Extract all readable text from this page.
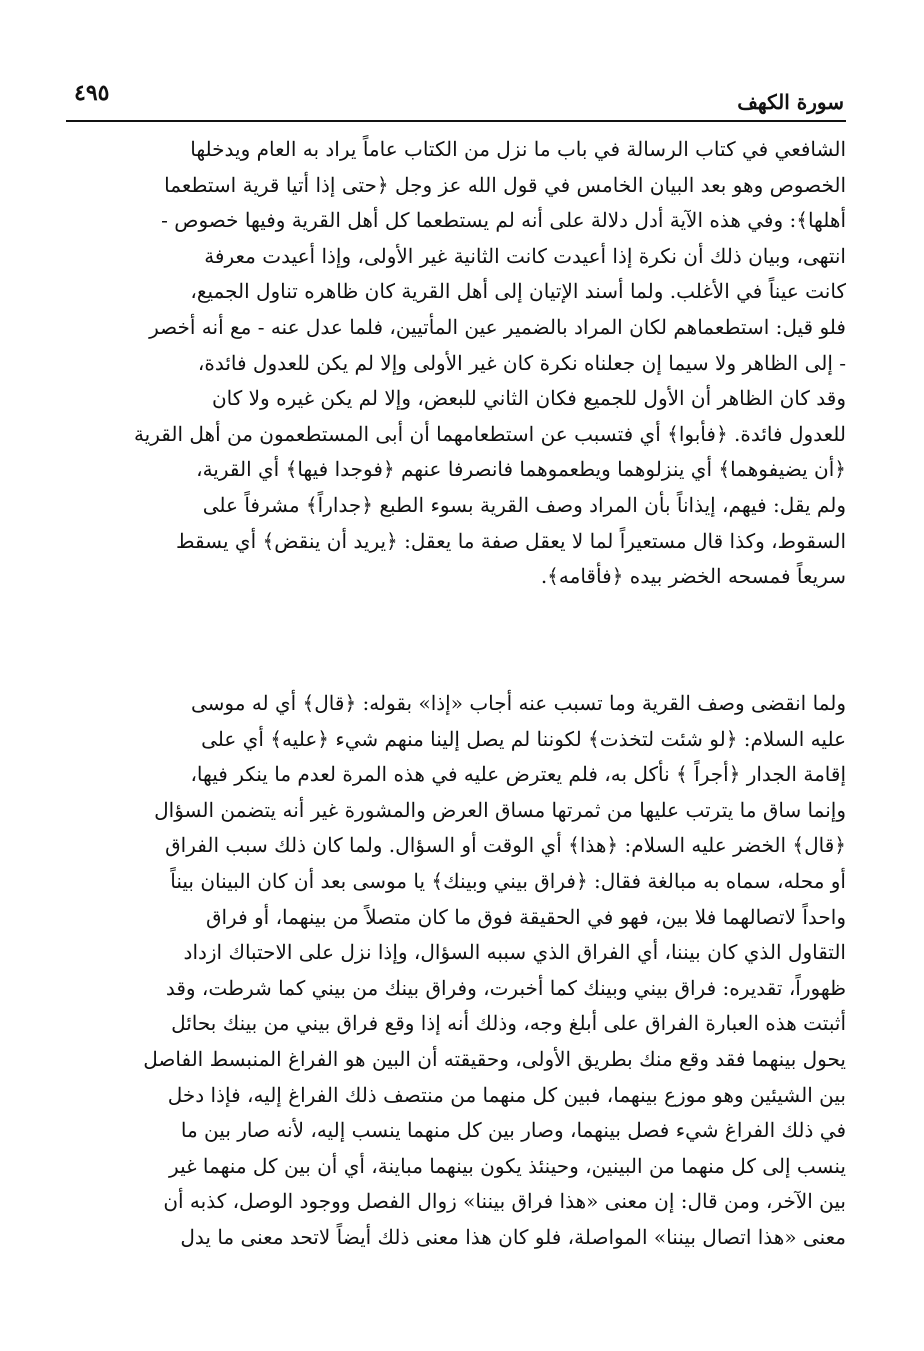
سورة الكهف
٤٩٥
الشافعي في كتاب الرسالة في باب ما نزل من الكتاب عاماً يراد به العام ويدخلها
الخصوص وهو بعد البيان الخامس في قول الله عز وجل ﴿حتى إذا أتيا قرية استطعما
أهلها﴾: وفي هذه الآية أدل دلالة على أنه لم يستطعما كل أهل القرية وفيها خصوص -
انتهى، وبيان ذلك أن نكرة إذا أعيدت كانت الثانية غير الأولى، وإذا أعيدت معرفة
كانت عيناً في الأغلب. ولما أسند الإتيان إلى أهل القرية كان ظاهره تناول الجميع،
فلو قيل: استطعماهم لكان المراد بالضمير عين المأتيين، فلما عدل عنه - مع أنه أخصر
- إلى الظاهر ولا سيما إن جعلناه نكرة كان غير الأولى وإلا لم يكن للعدول فائدة،
وقد كان الظاهر أن الأول للجميع فكان الثاني للبعض، وإلا لم يكن غيره ولا كان
للعدول فائدة. ﴿فأبوا﴾ أي فتسبب عن استطعامهما أن أبى المستطعمون من أهل القرية
﴿أن يضيفوهما﴾ أي ينزلوهما ويطعموهما فانصرفا عنهم ﴿فوجدا فيها﴾ أي القرية،
ولم يقل: فيهم، إيذاناً بأن المراد وصف القرية بسوء الطبع ﴿جداراً﴾ مشرفاً على
السقوط، وكذا قال مستعيراً لما لا يعقل صفة ما يعقل: ﴿يريد أن ينقض﴾ أي يسقط
سريعاً فمسحه الخضر بيده ﴿فأقامه﴾.
ولما انقضى وصف القرية وما تسبب عنه أجاب «إذا» بقوله: ﴿قال﴾ أي له موسى
عليه السلام: ﴿لو شئت لتخذت﴾ لكوننا لم يصل إلينا منهم شيء ﴿عليه﴾ أي على
إقامة الجدار ﴿أجراً ﴾ نأكل به، فلم يعترض عليه في هذه المرة لعدم ما ينكر فيها،
وإنما ساق ما يترتب عليها من ثمرتها مساق العرض والمشورة غير أنه يتضمن السؤال
﴿قال﴾ الخضر عليه السلام: ﴿هذا﴾ أي الوقت أو السؤال. ولما كان ذلك سبب الفراق
أو محله، سماه به مبالغة فقال: ﴿فراق بيني وبينك﴾ يا موسى بعد أن كان البينان بيناً
واحداً لاتصالهما فلا بين، فهو في الحقيقة فوق ما كان متصلاً من بينهما، أو فراق
التقاول الذي كان بيننا، أي الفراق الذي سببه السؤال، وإذا نزل على الاحتباك ازداد
ظهوراً، تقديره: فراق بيني وبينك كما أخبرت، وفراق بينك من بيني كما شرطت، وقد
أثبتت هذه العبارة الفراق على أبلغ وجه، وذلك أنه إذا وقع فراق بيني من بينك بحائل
يحول بينهما فقد وقع منك بطريق الأولى، وحقيقته أن البين هو الفراغ المنبسط الفاصل
بين الشيئين وهو موزع بينهما، فبين كل منهما من منتصف ذلك الفراغ إليه، فإذا دخل
في ذلك الفراغ شيء فصل بينهما، وصار بين كل منهما ينسب إليه، لأنه صار بين ما
ينسب إلى كل منهما من البينين، وحينئذ يكون بينهما مباينة، أي أن بين كل منهما غير
بين الآخر، ومن قال: إن معنى «هذا فراق بيننا» زوال الفصل ووجود الوصل، كذبه أن
معنى «هذا اتصال بيننا» المواصلة، فلو كان هذا معنى ذلك أيضاً لاتحد معنى ما يدل
